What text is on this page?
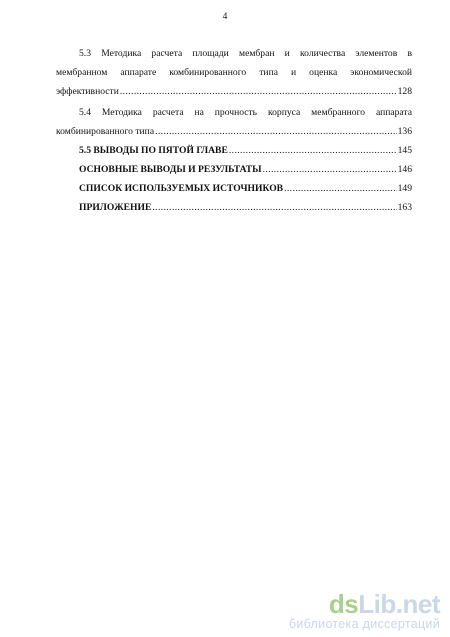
4
5.3 Методика расчета площади мембран и количества элементов в
мембранном аппарате комбинированного типа и оценка экономической
эффективности .....	128
5.4 Методика расчета на прочность корпуса мембранного аппарата
комбинированного типа .....	136
5.5 ВЫВОДЫ ПО ПЯТОЙ ГЛАВЕ .....	145
ОСНОВНЫЕ ВЫВОДЫ И РЕЗУЛЬТАТЫ .....	146
СПИСОК ИСПОЛЬЗУЕМЫХ ИСТОЧНИКОВ .....	149
ПРИЛОЖЕНИЕ .....	163
dsLib.net
библиотека диссертаций
